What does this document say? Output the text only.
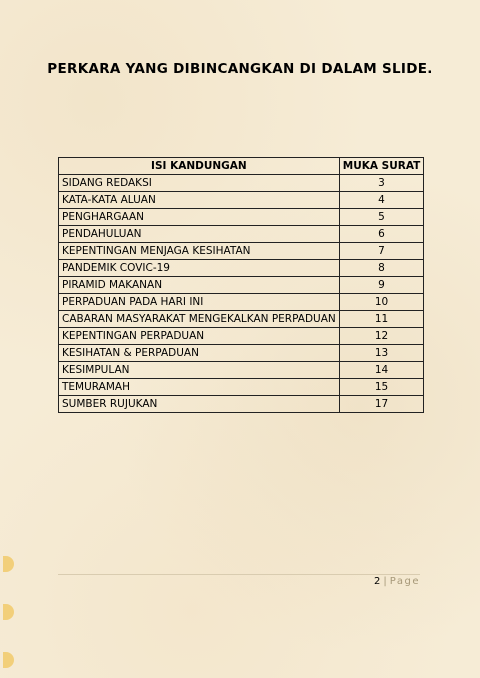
PERKARA YANG DIBINCANGKAN DI DALAM SLIDE.
ISI KANDUNGAN	MUKA SURAT
SIDANG REDAKSI	3
KATA-KATA ALUAN	4
PENGHARGAAN	5
PENDAHULUAN	6
KEPENTINGAN MENJAGA KESIHATAN	7
PANDEMIK COVIC-19	8
PIRAMID MAKANAN	9
PERPADUAN PADA HARI INI	10
CABARAN MASYARAKAT MENGEKALKAN PERPADUAN	11
KEPENTINGAN PERPADUAN	12
KESIHATAN & PERPADUAN	13
KESIMPULAN	14
TEMURAMAH	15
SUMBER RUJUKAN	17
2 | Page
